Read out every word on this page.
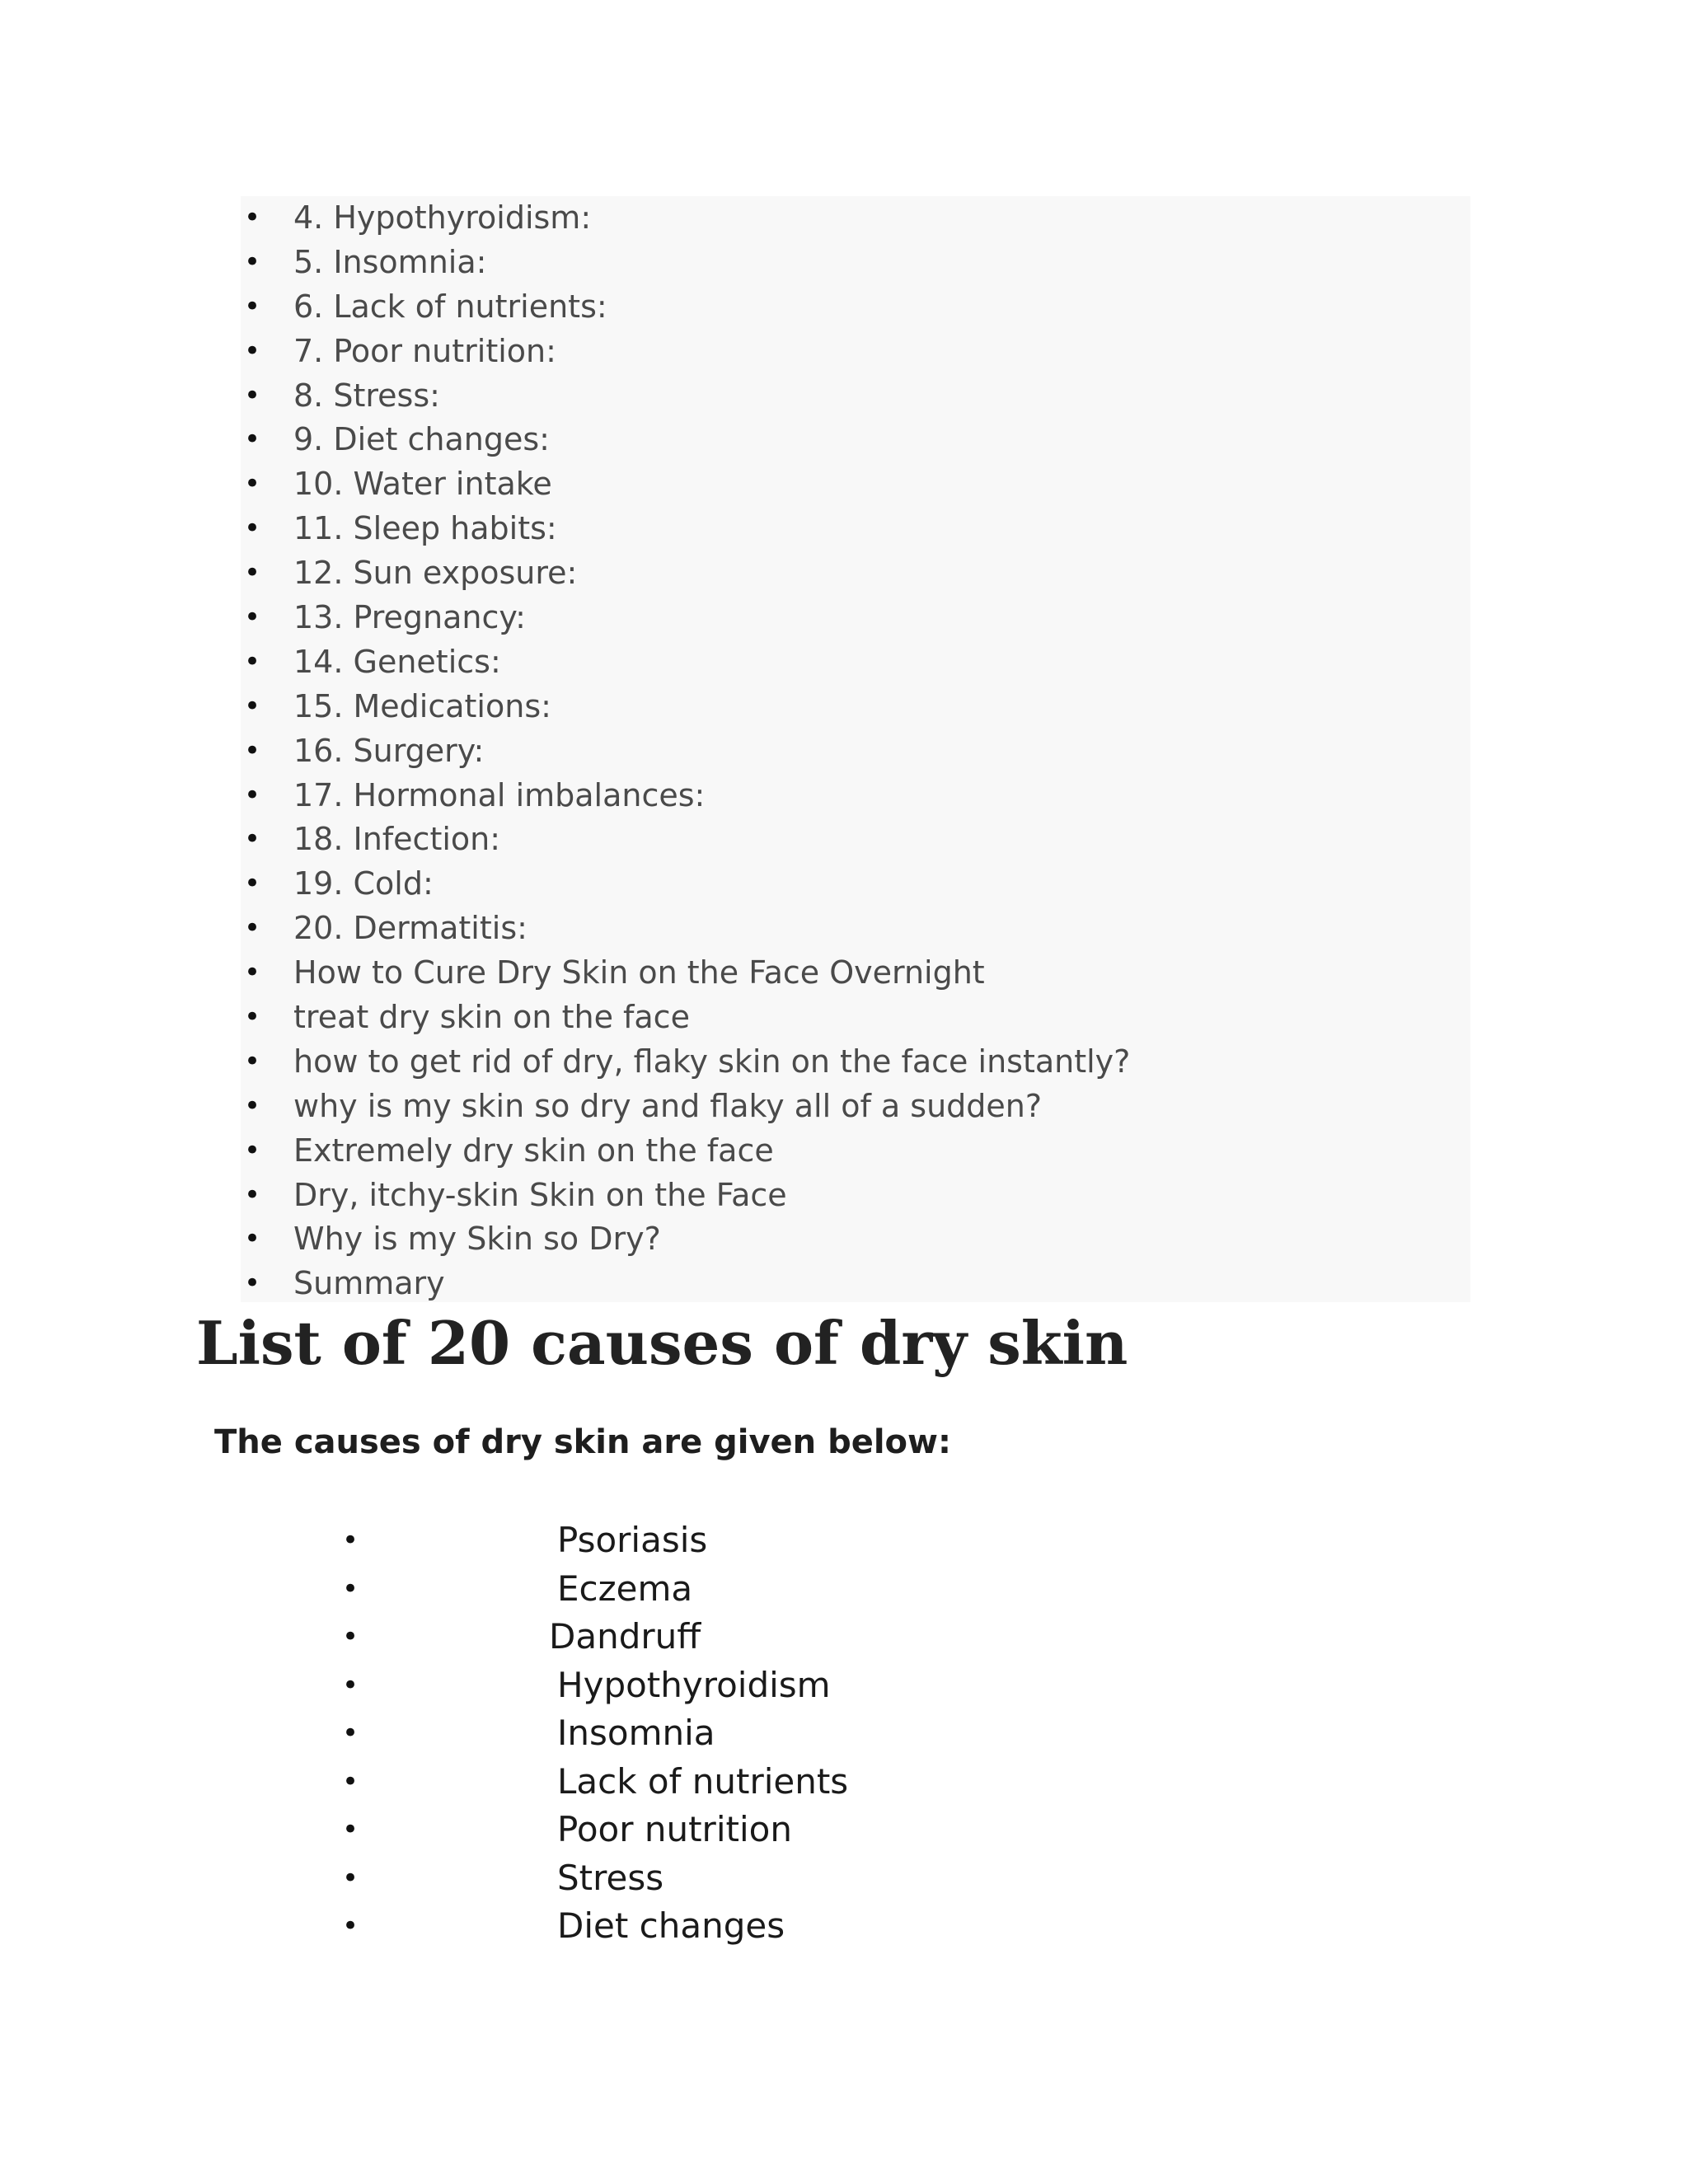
• 4. Hypothyroidism:
• 5. Insomnia:
• 6. Lack of nutrients:
• 7. Poor nutrition:
• 8. Stress:
• 9. Diet changes:
• 10. Water intake
• 11. Sleep habits:
• 12. Sun exposure:
• 13. Pregnancy:
• 14. Genetics:
• 15. Medications:
• 16. Surgery:
• 17. Hormonal imbalances:
• 18. Infection:
• 19. Cold:
• 20. Dermatitis:
• How to Cure Dry Skin on the Face Overnight
• treat dry skin on the face
• how to get rid of dry, flaky skin on the face instantly?
• why is my skin so dry and flaky all of a sudden?
• Extremely dry skin on the face
• Dry, itchy-skin Skin on the Face
• Why is my Skin so Dry?
• Summary
List of 20 causes of dry skin

The causes of dry skin are given below:

•	Psoriasis
•	Eczema
•	Dandruff
•	Hypothyroidism
•	Insomnia
•	Lack of nutrients
•	Poor nutrition
•	Stress
•	Diet changes
